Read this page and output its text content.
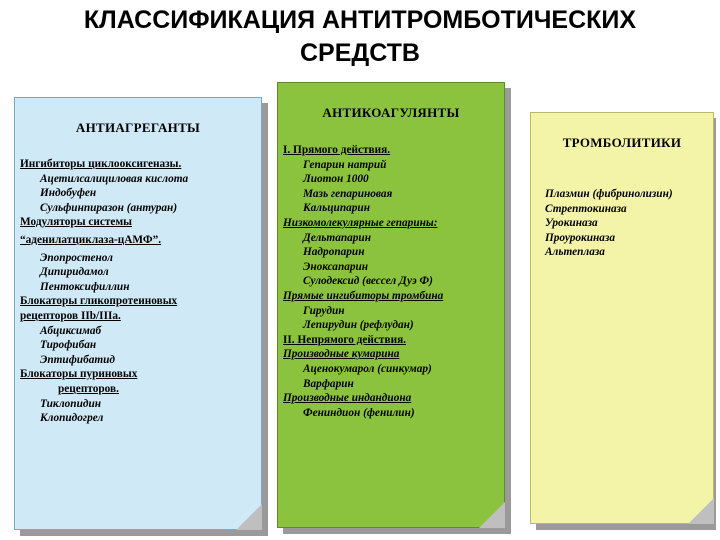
КЛАССИФИКАЦИЯ АНТИТРОМБОТИЧЕСКИХ
СРЕДСТВ
АНТИАГРЕГАНТЫ
Ингибиторы циклооксигеназы.
Ацетилсалициловая кислота
Индобуфен
Сульфинпиразон (антуран)
Модуляторы системы
“аденилатциклаза-цАМФ”.
Эпопростенол
Дипиридамол
Пентоксифиллин
Блокаторы гликопротеиновых
рецепторов IIb/IIIa.
Абциксимаб
Тирофибан
Эптифибатид
Блокаторы пуриновых
рецепторов.
Тиклопидин
Клопидогрел
АНТИКОАГУЛЯНТЫ
I. Прямого действия.
Гепарин натрий
Лиотон 1000
Мазь гепариновая
Кальципарин
Низкомолекулярные гепарины:
Дельтапарин
Надропарин
Эноксапарин
Сулодексид (вессел Дуэ Ф)
Прямые ингибиторы тромбина
Гирудин
Лепирудин (рефлудан)
II. Непрямого действия.
Производные кумарина
Аценокумарол (синкумар)
Варфарин
Производные индандиона
Фениндион (фенилин)
ТРОМБОЛИТИКИ
Плазмин (фибринолизин)
Стрептокиназа
Урокиназа
Проурокиназа
Альтеплаза
